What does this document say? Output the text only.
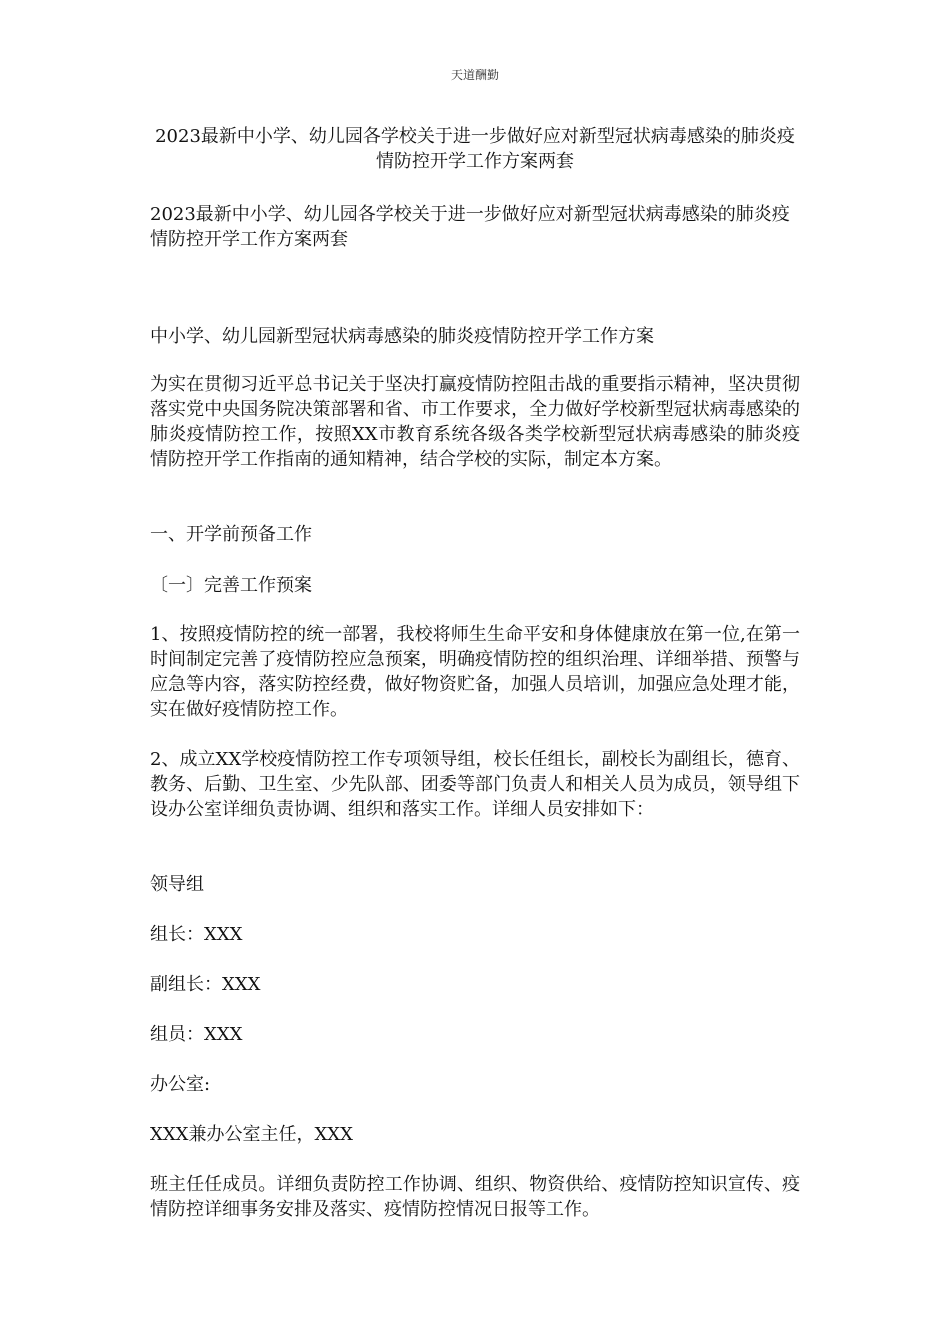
天道酬勤

2023最新中小学、幼儿园各学校关于进一步做好应对新型冠状病毒感染的肺炎疫情防控开学工作方案两套

2023最新中小学、幼儿园各学校关于进一步做好应对新型冠状病毒感染的肺炎疫情防控开学工作方案两套

中小学、幼儿园新型冠状病毒感染的肺炎疫情防控开学工作方案

为实在贯彻习近平总书记关于坚决打赢疫情防控阻击战的重要指示精神，坚决贯彻落实党中央国务院决策部署和省、市工作要求，全力做好学校新型冠状病毒感染的肺炎疫情防控工作，按照XX市教育系统各级各类学校新型冠状病毒感染的肺炎疫情防控开学工作指南的通知精神，结合学校的实际，制定本方案。

一、开学前预备工作

〔一〕完善工作预案

1、按照疫情防控的统一部署，我校将师生生命平安和身体健康放在第一位,在第一时间制定完善了疫情防控应急预案，明确疫情防控的组织治理、详细举措、预警与应急等内容，落实防控经费，做好物资贮备，加强人员培训，加强应急处理才能，实在做好疫情防控工作。

2、成立XX学校疫情防控工作专项领导组，校长任组长，副校长为副组长，德育、教务、后勤、卫生室、少先队部、团委等部门负责人和相关人员为成员，领导组下设办公室详细负责协调、组织和落实工作。详细人员安排如下：

领导组

组长：XXX

副组长：XXX

组员：XXX

办公室:

XXX兼办公室主任，XXX

班主任任成员。详细负责防控工作协调、组织、物资供给、疫情防控知识宣传、疫情防控详细事务安排及落实、疫情防控情况日报等工作。
